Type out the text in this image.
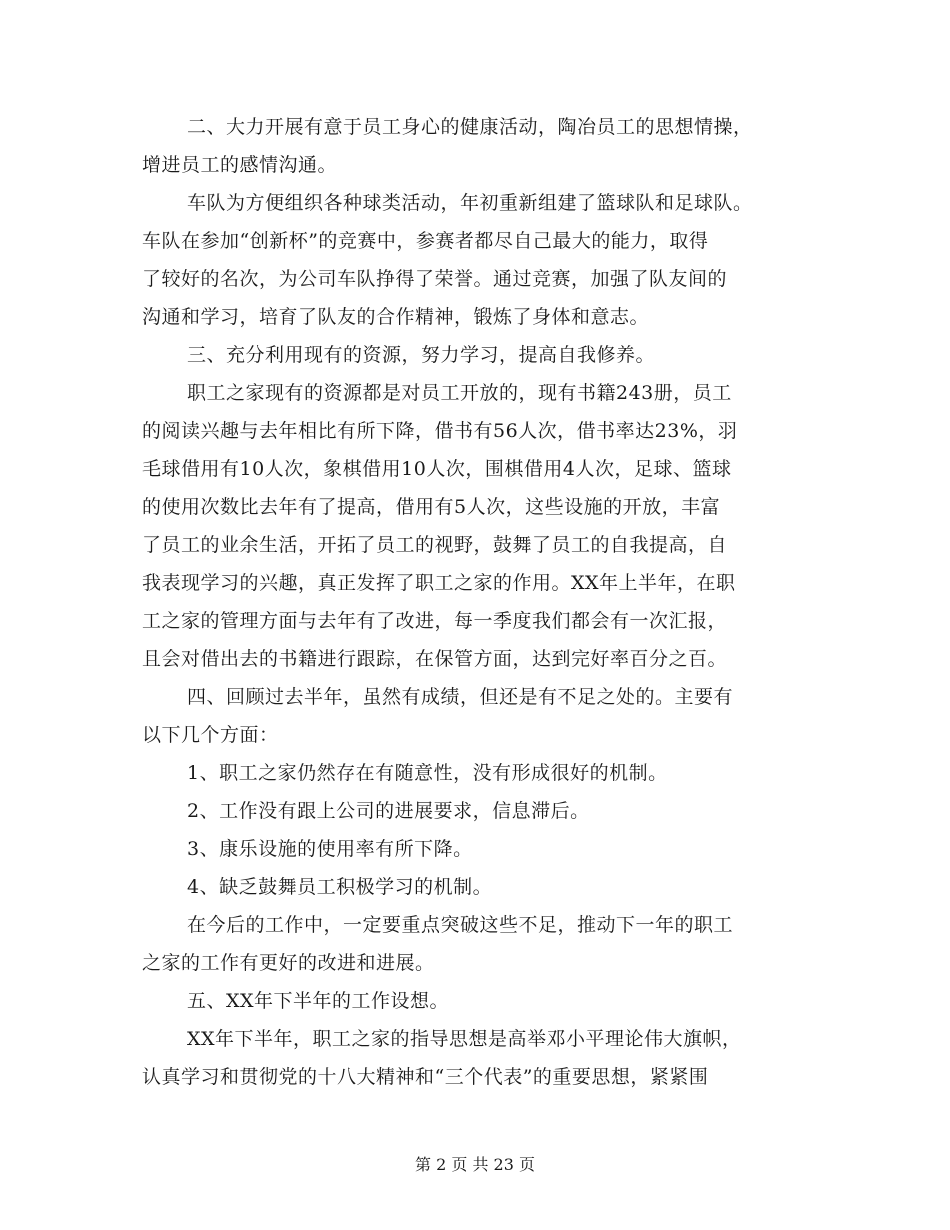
二、大力开展有意于员工身心的健康活动，陶冶员工的思想情操，
增进员工的感情沟通。
车队为方便组织各种球类活动，年初重新组建了篮球队和足球队。
车队在参加“创新杯”的竞赛中，参赛者都尽自己最大的能力，取得
了较好的名次，为公司车队挣得了荣誉。通过竞赛，加强了队友间的
沟通和学习，培育了队友的合作精神，锻炼了身体和意志。
三、充分利用现有的资源，努力学习，提高自我修养。
职工之家现有的资源都是对员工开放的，现有书籍243册，员工
的阅读兴趣与去年相比有所下降，借书有56人次，借书率达23%，羽
毛球借用有10人次，象棋借用10人次，围棋借用4人次，足球、篮球
的使用次数比去年有了提高，借用有5人次，这些设施的开放，丰富
了员工的业余生活，开拓了员工的视野，鼓舞了员工的自我提高，自
我表现学习的兴趣，真正发挥了职工之家的作用。XX年上半年，在职
工之家的管理方面与去年有了改进，每一季度我们都会有一次汇报，
且会对借出去的书籍进行跟踪，在保管方面，达到完好率百分之百。
四、回顾过去半年，虽然有成绩，但还是有不足之处的。主要有
以下几个方面：
1、职工之家仍然存在有随意性，没有形成很好的机制。
2、工作没有跟上公司的进展要求，信息滞后。
3、康乐设施的使用率有所下降。
4、缺乏鼓舞员工积极学习的机制。
在今后的工作中，一定要重点突破这些不足，推动下一年的职工
之家的工作有更好的改进和进展。
五、XX年下半年的工作设想。
XX年下半年，职工之家的指导思想是高举邓小平理论伟大旗帜，
认真学习和贯彻党的十八大精神和“三个代表”的重要思想，紧紧围
第 2 页 共 23 页
